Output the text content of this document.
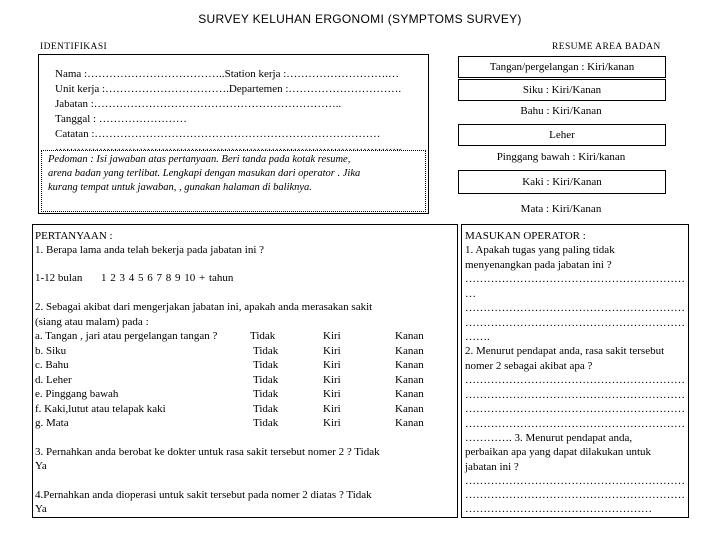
SURVEY KELUHAN ERGONOMI (SYMPTOMS SURVEY)
IDENTIFIKASI
Nama :………………………………..Station kerja :……………………….…
Unit kerja :…………………………….Departemen :………………………….
Jabatan :…………………………………………………………..
Tanggal : ……………………
Catatan :……………………………………………………………………
…………………………………………………………………………………..
Pedoman : Isi jawaban atas pertanyaan. Beri tanda pada kotak resume,
arena badan yang terlibat. Lengkapi dengan masukan dari operator . Jika
kurang tempat untuk jawaban, , gunakan halaman di baliknya.
RESUME AREA BADAN
Tangan/pergelangan : Kiri/kanan
Siku : Kiri/Kanan
Bahu : Kiri/Kanan
Leher
Pinggang bawah : Kiri/kanan
Kaki : Kiri/Kanan
Mata : Kiri/Kanan
PERTANYAAN :
1. Berapa lama anda telah bekerja pada jabatan ini ?
1-12 bulan 1 2 3 4 5 6 7 8 9 10 + tahun
2. Sebagai akibat dari mengerjakan jabatan ini, apakah anda merasakan sakit
(siang atau malam) pada :
a. Tangan , jari atau pergelangan tangan ?	Tidak	Kiri	Kanan
b. Siku	Tidak	Kiri	Kanan
c. Bahu	Tidak	Kiri	Kanan
d. Leher	Tidak	Kiri	Kanan
e. Pinggang bawah	Tidak	Kiri	Kanan
f. Kaki,lutut atau telapak kaki	Tidak	Kiri	Kanan
g. Mata	Tidak	Kiri	Kanan
3. Pernahkan anda berobat ke dokter untuk rasa sakit tersebut nomer 2 ? Tidak
Ya
4.Pernahkan anda dioperasi untuk sakit tersebut pada nomer 2 diatas ? Tidak
Ya
MASUKAN OPERATOR :
1. Apakah tugas yang paling tidak
menyenangkan pada jabatan ini ?
……………………………………………………
…
……………………………………………………
……………………………………………………
…….
2. Menurut pendapat anda, rasa sakit tersebut
nomer 2 sebagai akibat apa ?
……………………………………………………
……………………………………………………
……………………………………………………
……………………………………………………
…………. 3. Menurut pendapat anda,
perbaikan apa yang dapat dilakukan untuk
jabatan ini ?
……………………………………………………
……………………………………………………
……………………………………………
